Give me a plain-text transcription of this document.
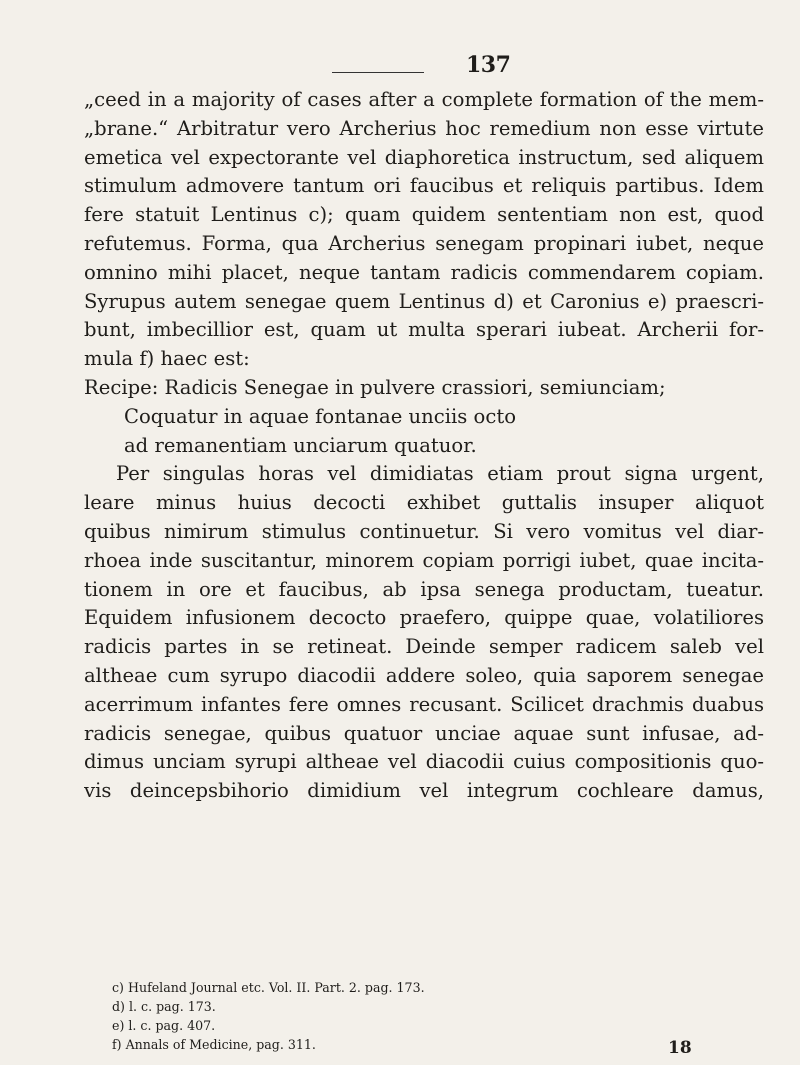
137
„ceed in a majority of cases after a complete formation of the mem-
„brane.“ Arbitratur vero Archerius hoc remedium non esse virtute
emetica vel expectorante vel diaphoretica instructum, sed aliquem
stimulum admovere tantum ori faucibus et reliquis partibus. Idem
fere statuit Lentinus c); quam quidem sententiam non est, quod
refutemus. Forma, qua Archerius senegam propinari iubet, neque
omnino mihi placet, neque tantam radicis commendarem copiam.
Syrupus autem senegae quem Lentinus d) et Caronius e) praescri-
bunt, imbecillior est, quam ut multa sperari iubeat. Archerii for-
mula f) haec est:
Recipe: Radicis Senegae in pulvere crassiori, semiunciam;
Coquatur in aquae fontanae unciis octo
ad remanentiam unciarum quatuor.
Per singulas horas vel dimidiatas etiam prout signa urgent,
leare minus huius decocti exhibet guttalis insuper aliquot
quibus nimirum stimulus continuetur. Si vero vomitus vel diar-
rhoea inde suscitantur, minorem copiam porrigi iubet, quae incita-
tionem in ore et faucibus, ab ipsa senega productam, tueatur.
Equidem infusionem decocto praefero, quippe quae, volatiliores
radicis partes in se retineat. Deinde semper radicem saleb vel
altheae cum syrupo diacodii addere soleo, quia saporem senegae
acerrimum infantes fere omnes recusant. Scilicet drachmis duabus
radicis senegae, quibus quatuor unciae aquae sunt infusae, ad-
dimus unciam syrupi altheae vel diacodii cuius compositionis quo-
vis deincepsbihorio dimidium vel integrum cochleare damus,
c) Hufeland Journal etc. Vol. II. Part. 2. pag. 173.
d) l. c. pag. 173.
e) l. c. pag. 407.
f) Annals of Medicine, pag. 311.	18
